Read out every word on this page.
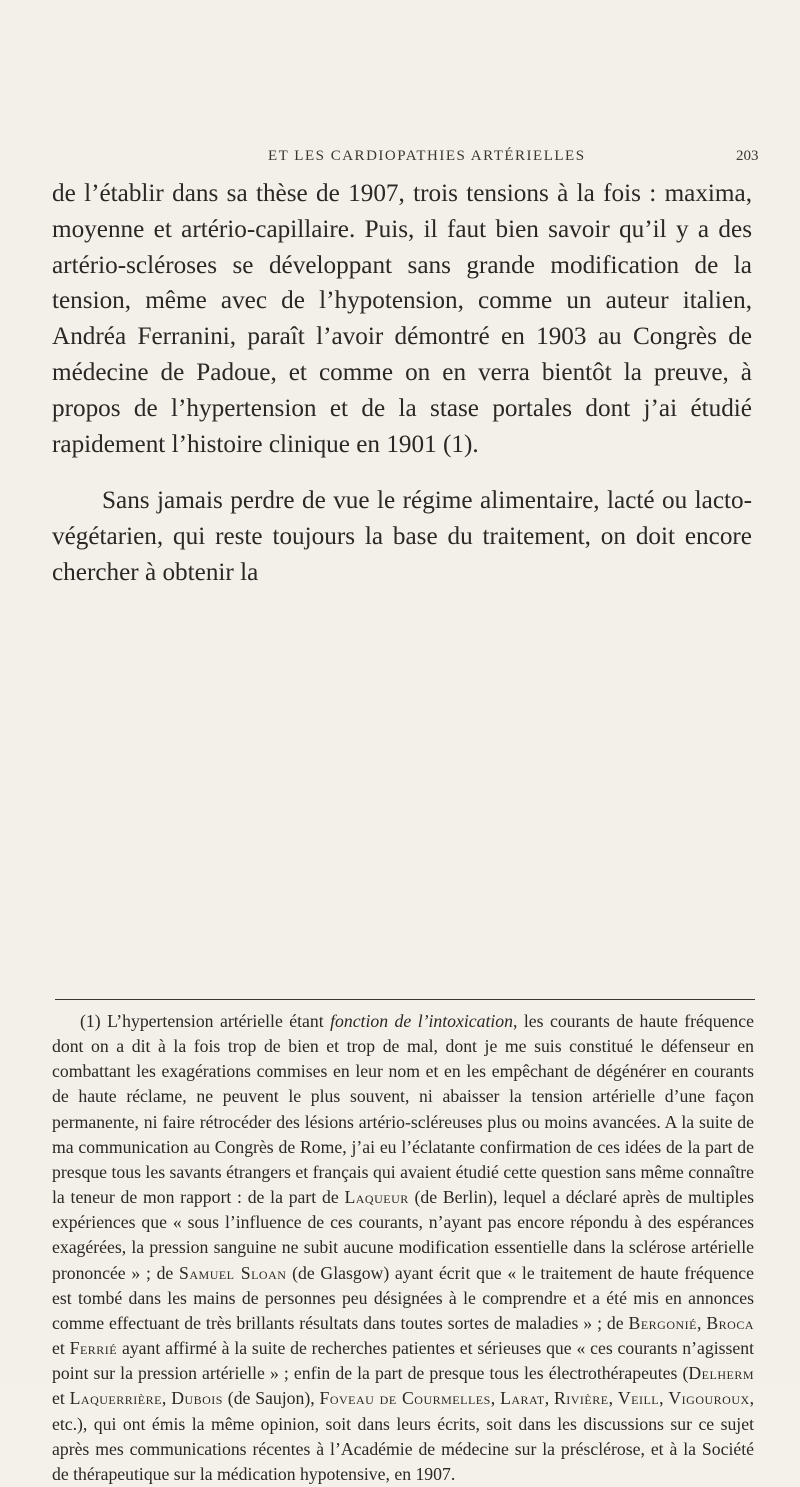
ET LES CARDIOPATHIES ARTÉRIELLES	203

de l’établir dans sa thèse de 1907, trois tensions à la fois : maxima, moyenne et artério-capillaire. Puis, il faut bien savoir qu’il y a des artério-scléroses se développant sans grande modification de la tension, même avec de l’hypotension, comme un auteur italien, Andréa Ferranini, paraît l’avoir démontré en 1903 au Congrès de médecine de Padoue, et comme on en verra bientôt la preuve, à propos de l’hypertension et de la stase portales dont j’ai étudié rapidement l’histoire clinique en 1901 (1).

Sans jamais perdre de vue le régime alimentaire, lacté ou lacto-végétarien, qui reste toujours la base du traitement, on doit encore chercher à obtenir la

(1) L’hypertension artérielle étant fonction de l’intoxication, les courants de haute fréquence dont on a dit à la fois trop de bien et trop de mal, dont je me suis constitué le défenseur en combattant les exagérations commises en leur nom et en les empêchant de dégénérer en courants de haute réclame, ne peuvent le plus souvent, ni abaisser la tension artérielle d’une façon permanente, ni faire rétrocéder des lésions artério-scléreuses plus ou moins avancées. A la suite de ma communication au Congrès de Rome, j’ai eu l’éclatante confirmation de ces idées de la part de presque tous les savants étrangers et français qui avaient étudié cette question sans même connaître la teneur de mon rapport : de la part de Laqueur (de Berlin), lequel a déclaré après de multiples expériences que « sous l’influence de ces courants, n’ayant pas encore répondu à des espérances exagérées, la pression sanguine ne subit aucune modification essentielle dans la sclérose artérielle prononcée » ; de Samuel Sloan (de Glasgow) ayant écrit que « le traitement de haute fréquence est tombé dans les mains de personnes peu désignées à le comprendre et a été mis en annonces comme effectuant de très brillants résultats dans toutes sortes de maladies » ; de Bergonié, Broca et Ferrié ayant affirmé à la suite de recherches patientes et sérieuses que « ces courants n’agissent point sur la pression artérielle » ; enfin de la part de presque tous les électrothérapeutes (Delherm et Laquerrière, Dubois (de Saujon), Foveau de Courmelles, Larat, Rivière, Veill, Vigouroux, etc.), qui ont émis la même opinion, soit dans leurs écrits, soit dans les discussions sur ce sujet après mes communications récentes à l’Académie de médecine sur la présclérose, et à la Société de thérapeutique sur la médication hypotensive, en 1907.
